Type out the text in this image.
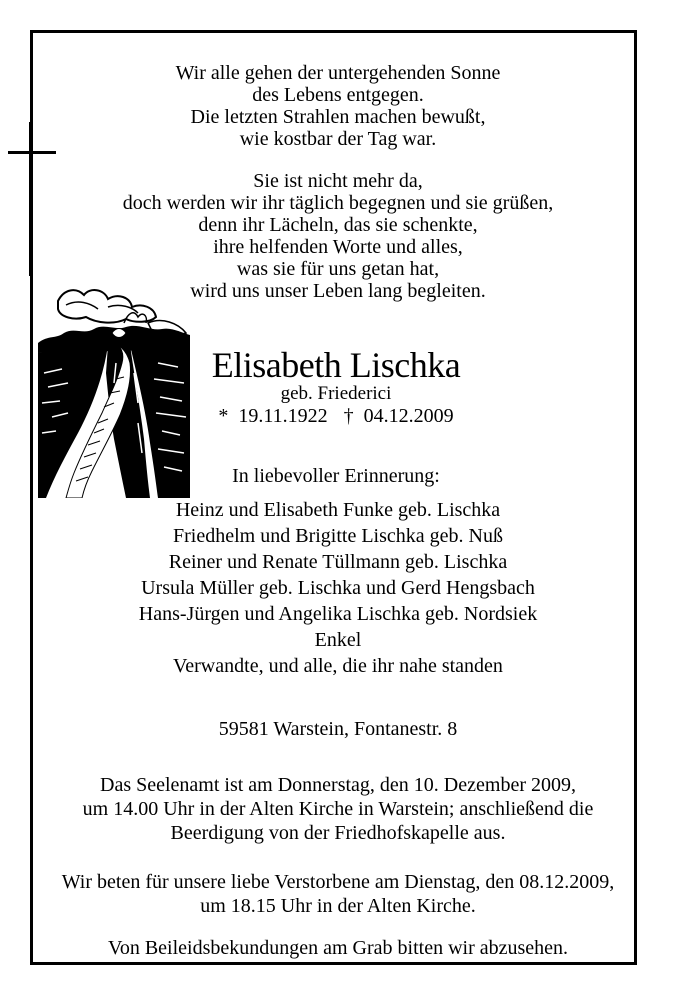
Wir alle gehen der untergehenden Sonne
des Lebens entgegen.
Die letzten Strahlen machen bewußt,
wie kostbar der Tag war.
Sie ist nicht mehr da,
doch werden wir ihr täglich begegnen und sie grüßen,
denn ihr Lächeln, das sie schenkte,
ihre helfenden Worte und alles,
was sie für uns getan hat,
wird uns unser Leben lang begleiten.
Elisabeth Lischka
geb. Friederici
* 19.11.1922 † 04.12.2009
In liebevoller Erinnerung:
Heinz und Elisabeth Funke geb. Lischka
Friedhelm und Brigitte Lischka geb. Nuß
Reiner und Renate Tüllmann geb. Lischka
Ursula Müller geb. Lischka und Gerd Hengsbach
Hans-Jürgen und Angelika Lischka geb. Nordsiek
Enkel
Verwandte, und alle, die ihr nahe standen
59581 Warstein, Fontanestr. 8
Das Seelenamt ist am Donnerstag, den 10. Dezember 2009,
um 14.00 Uhr in der Alten Kirche in Warstein; anschließend die
Beerdigung von der Friedhofskapelle aus.
Wir beten für unsere liebe Verstorbene am Dienstag, den 08.12.2009,
um 18.15 Uhr in der Alten Kirche.
Von Beileidsbekundungen am Grab bitten wir abzusehen.
